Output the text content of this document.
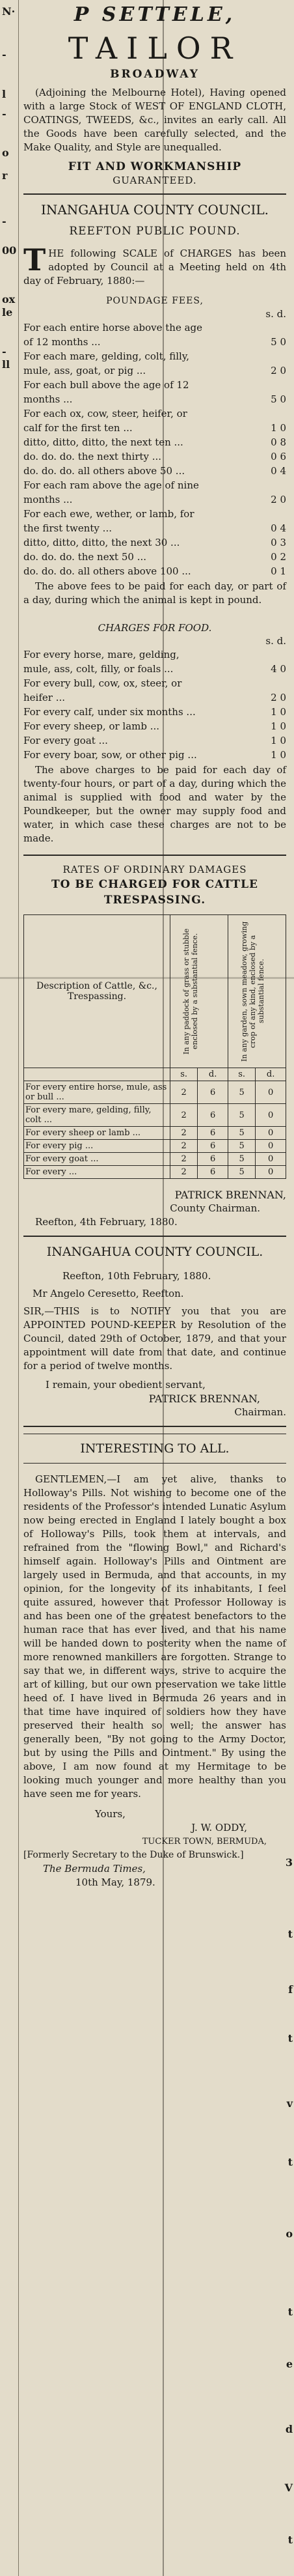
N·
-
l
-
o
r
-
00
ox
le
-
ll
3
t
f
t
v
t
o
t
e
d
V
t
P SETTELE,
TAILOR
BROADWAY
(Adjoining the Melbourne Hotel), Having opened with a large Stock of WEST OF ENGLAND CLOTH, COATINGS, TWEEDS, &c., invites an early call. All the Goods have been carefully selected, and the Make Quality, and Style are unequalled.
FIT AND WORKMANSHIP
GUARANTEED.
INANGAHUA COUNTY COUNCIL.
REEFTON PUBLIC POUND.
T HE following SCALE of CHARGES has been adopted by Council at a Meeting held on 4th day of February, 1880:—
POUNDAGE FEES,
s. d.
For each entire horse above the age
of 12 months ...	5 0
For each mare, gelding, colt, filly,
mule, ass, goat, or pig ...	2 0
For each bull above the age of 12
months ...	5 0
For each ox, cow, steer, heifer, or
calf for the first ten ...	1 0
ditto, ditto, ditto, the next ten ...	0 8
do. do. do. the next thirty ...	0 6
do. do. do. all others above 50 ...	0 4
For each ram above the age of nine
months ...	2 0
For each ewe, wether, or lamb, for
the first twenty ...	0 4
ditto, ditto, ditto, the next 30 ...	0 3
do. do. do. the next 50 ...	0 2
do. do. do. all others above 100 ...	0 1
The above fees to be paid for each day, or part of a day, during which the animal is kept in pound.
CHARGES FOR FOOD.
s. d.
For every horse, mare, gelding,
mule, ass, colt, filly, or foals ...	4 0
For every bull, cow, ox, steer, or
heifer ...	2 0
For every calf, under six months ...	1 0
For every sheep, or lamb ...	1 0
For every goat ...	1 0
For every boar, sow, or other pig ...	1 0
The above charges to be paid for each day of twenty-four hours, or part of a day, during which the animal is supplied with food and water by the Poundkeeper, but the owner may supply food and water, in which case these charges are not to be made.
RATES OF ORDINARY DAMAGES
TO BE CHARGED FOR CATTLE
TRESPASSING.
Description of Cattle, &c., Trespassing.	In any paddock of grass or stubble enclosed by a substantial fence.		In any garden, sown meadow, growing crop of any kind, enclosed by a substantial fence.	

	s.	d.	s.	d.
For every entire horse, mule, ass or bull ...	2	6	5	0
For every mare, gelding, filly, colt ...	2	6	5	0
For every sheep or lamb ...	2	6	5	0
For every pig ...	2	6	5	0
For every goat ...	2	6	5	0
For every ...	2	6	5	0
PATRICK BRENNAN,
County Chairman.
Reefton, 4th February, 1880.
INANGAHUA COUNTY COUNCIL.
Reefton, 10th February, 1880.
Mr Angelo Ceresetto, Reefton.
SIR,—THIS is to NOTIFY you that you are APPOINTED POUND-KEEPER by Resolution of the Council, dated 29th of October, 1879, and that your appointment will date from that date, and continue for a period of twelve months.
I remain, your obedient servant,
PATRICK BRENNAN,
Chairman.
INTERESTING TO ALL.
GENTLEMEN,—I am yet alive, thanks to Holloway's Pills. Not wishing to become one of the residents of the Professor's intended Lunatic Asylum now being erected in England I lately bought a box of Holloway's Pills, took them at intervals, and refrained from the "flowing Bowl," and Richard's himself again. Holloway's Pills and Ointment are largely used in Bermuda, and that accounts, in my opinion, for the longevity of its inhabitants, I feel quite assured, however that Professor Holloway is and has been one of the greatest benefactors to the human race that has ever lived, and that his name will be handed down to posterity when the name of more renowned mankillers are forgotten. Strange to say that we, in different ways, strive to acquire the art of killing, but our own preservation we take little heed of. I have lived in Bermuda 26 years and in that time have inquired of soldiers how they have preserved their health so well; the answer has generally been, "By not going to the Army Doctor, but by using the Pills and Ointment." By using the above, I am now found at my Hermitage to be looking much younger and more healthy than you have seen me for years.
Yours,
J. W. ODDY,
TUCKER TOWN, BERMUDA,
[Formerly Secretary to the Duke of Brunswick.]
The Bermuda Times,
10th May, 1879.
